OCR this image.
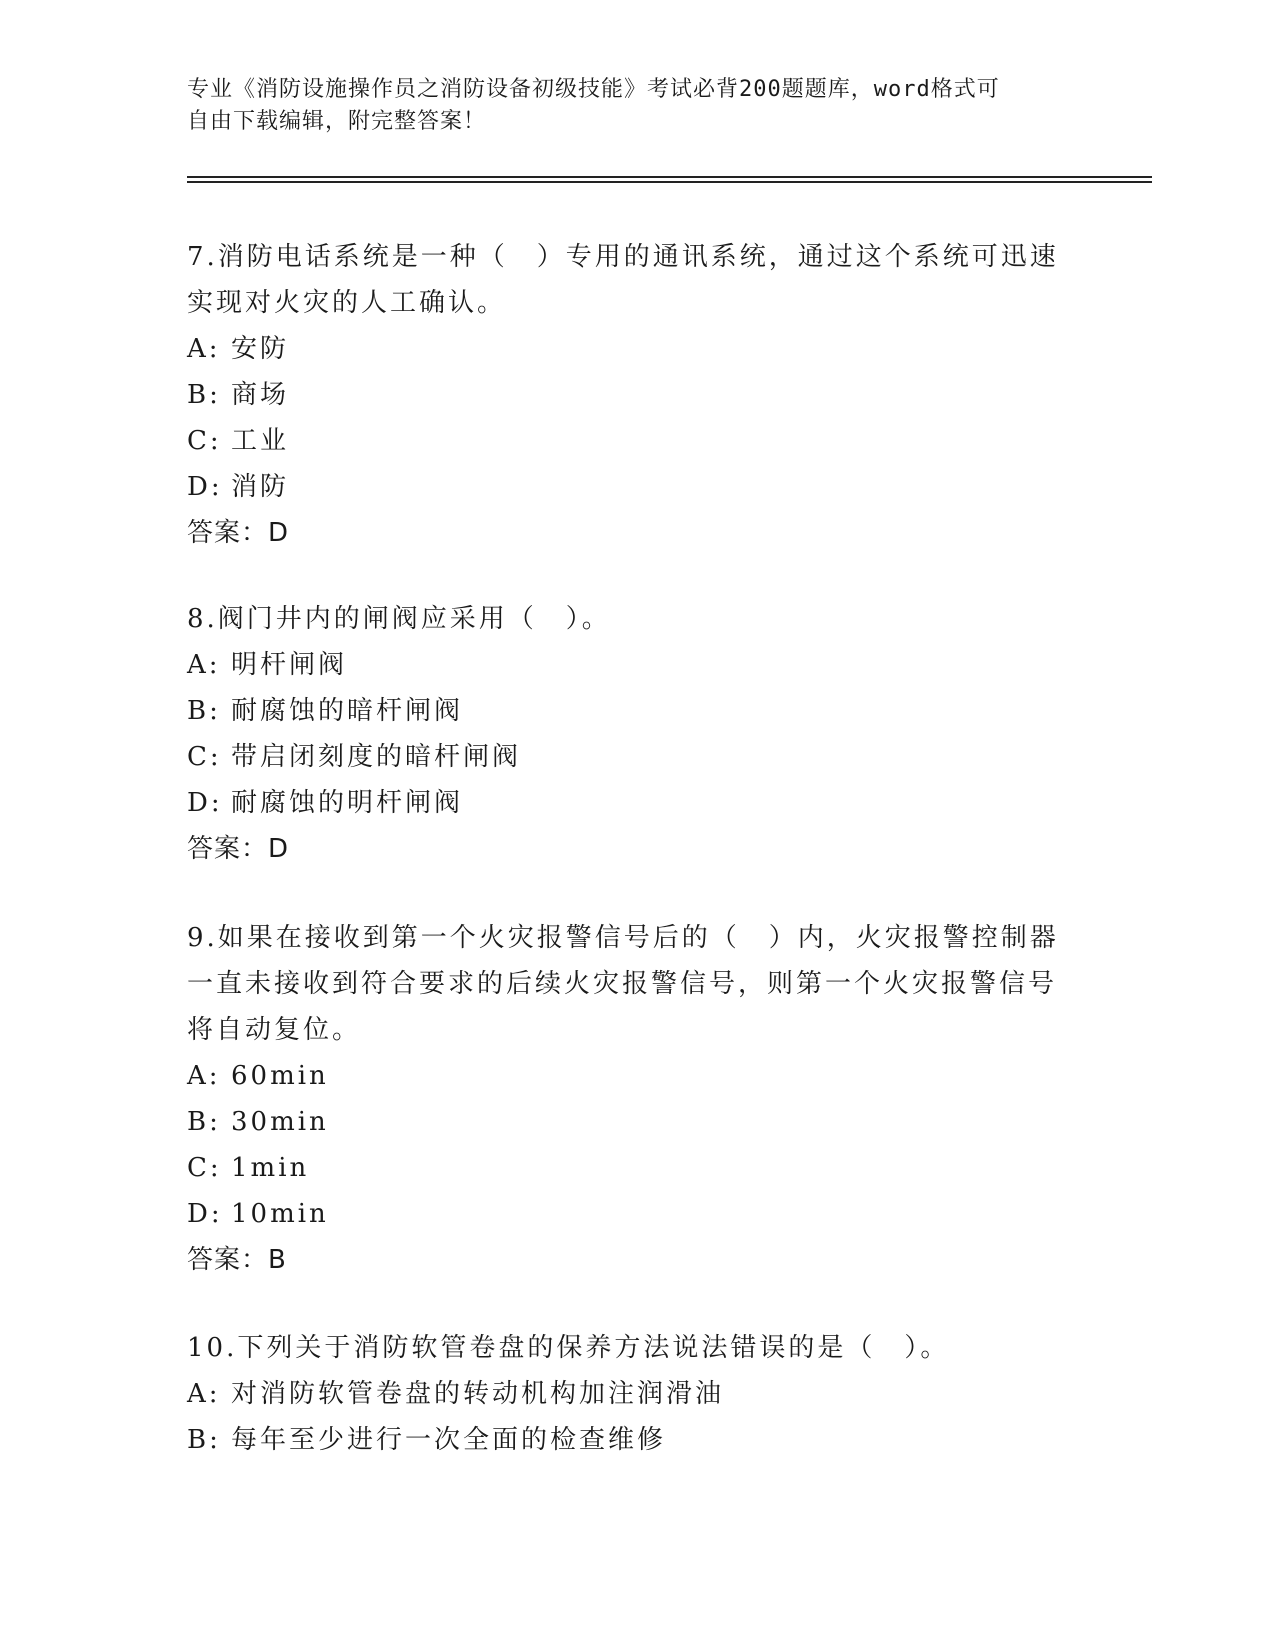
专业《消防设施操作员之消防设备初级技能》考试必背200题题库，word格式可
自由下载编辑，附完整答案！
7.消防电话系统是一种（　）专用的通讯系统，通过这个系统可迅速实现对火灾的人工确认。
A: 安防
B: 商场
C: 工业
D: 消防
答案：D
8.阀门井内的闸阀应采用（　）。
A: 明杆闸阀
B: 耐腐蚀的暗杆闸阀
C: 带启闭刻度的暗杆闸阀
D: 耐腐蚀的明杆闸阀
答案：D
9.如果在接收到第一个火灾报警信号后的（　）内，火灾报警控制器一直未接收到符合要求的后续火灾报警信号，则第一个火灾报警信号将自动复位。
A: 60min
B: 30min
C: 1min
D: 10min
答案：B
10.下列关于消防软管卷盘的保养方法说法错误的是（　）。
A: 对消防软管卷盘的转动机构加注润滑油
B: 每年至少进行一次全面的检查维修
